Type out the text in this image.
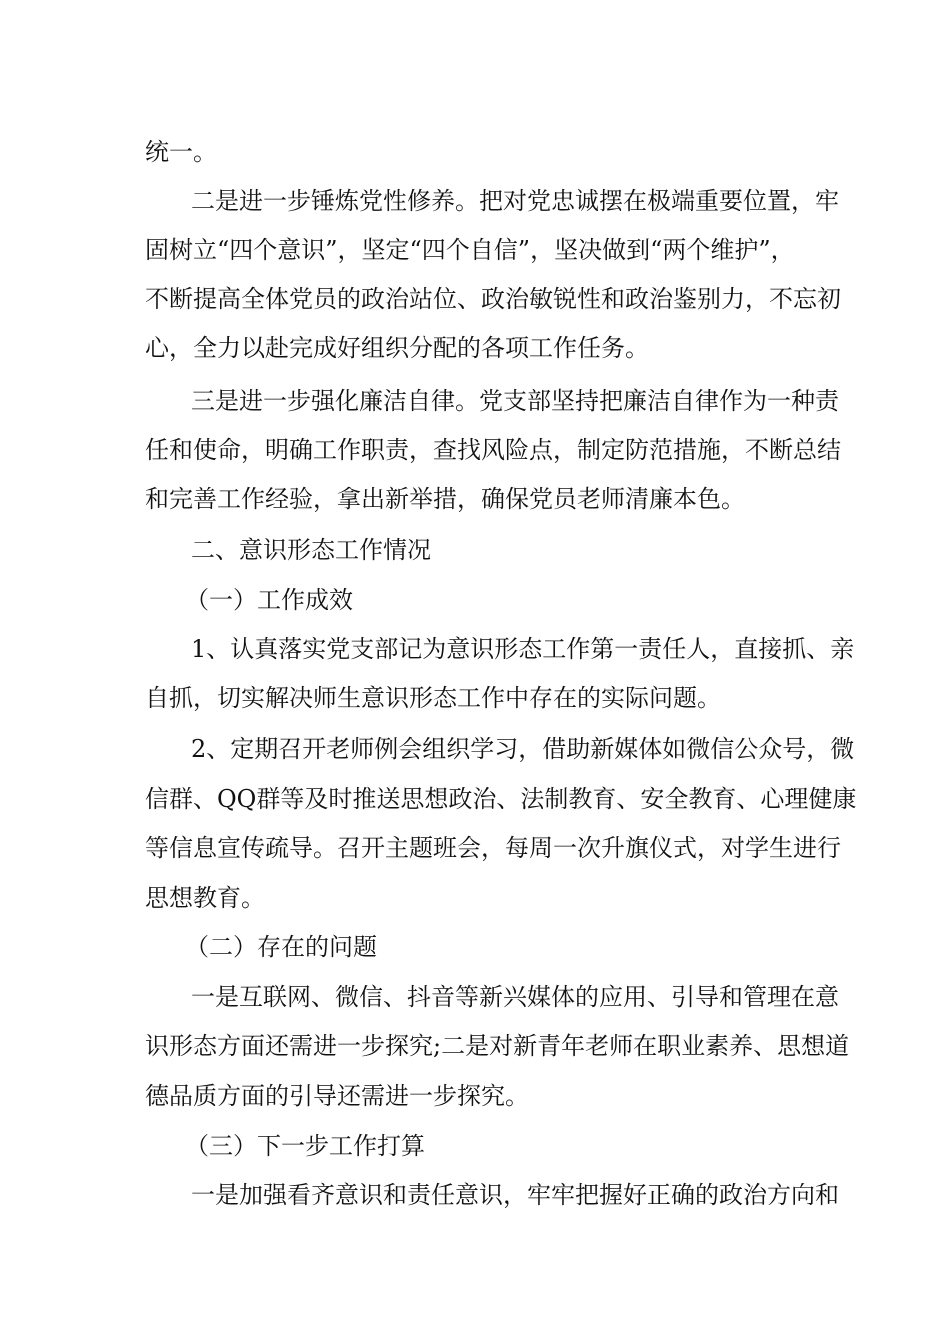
统一。
二是进一步锤炼党性修养。把对党忠诚摆在极端重要位置，牢
固树立“四个意识”，坚定“四个自信”，坚决做到“两个维护”，
不断提高全体党员的政治站位、政治敏锐性和政治鉴别力，不忘初
心，全力以赴完成好组织分配的各项工作任务。
三是进一步强化廉洁自律。党支部坚持把廉洁自律作为一种责
任和使命，明确工作职责，查找风险点，制定防范措施，不断总结
和完善工作经验，拿出新举措，确保党员老师清廉本色。
二、意识形态工作情况
（一）工作成效
1、认真落实党支部记为意识形态工作第一责任人，直接抓、亲
自抓，切实解决师生意识形态工作中存在的实际问题。
2、定期召开老师例会组织学习，借助新媒体如微信公众号，微
信群、QQ群等及时推送思想政治、法制教育、安全教育、心理健康
等信息宣传疏导。召开主题班会，每周一次升旗仪式，对学生进行
思想教育。
（二）存在的问题
一是互联网、微信、抖音等新兴媒体的应用、引导和管理在意
识形态方面还需进一步探究;二是对新青年老师在职业素养、思想道
德品质方面的引导还需进一步探究。
（三）下一步工作打算
一是加强看齐意识和责任意识，牢牢把握好正确的政治方向和
